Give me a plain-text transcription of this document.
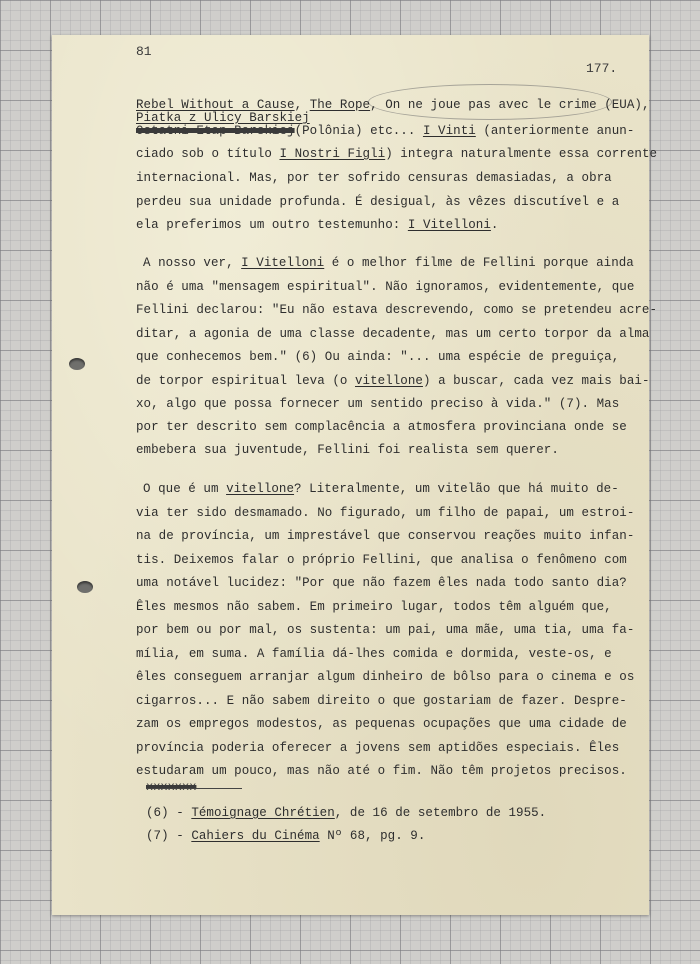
81
177.
Rebel Without a Cause, The Rope, On ne joue pas avec le crime (EUA),
Piatka z Ulicy Barskiej
Ostatni Etap Barskiej(Polônia) etc... I Vinti (anteriormente anun-
ciado sob o título I Nostri Figli) integra naturalmente essa corrente
internacional. Mas, por ter sofrido censuras demasiadas, a obra
perdeu sua unidade profunda. É desigual, às vêzes discutível e a
ela preferimos um outro testemunho: I Vitelloni.
A nosso ver, I Vitelloni é o melhor filme de Fellini porque ainda
não é uma "mensagem espiritual". Não ignoramos, evidentemente, que
Fellini declarou: "Eu não estava descrevendo, como se pretendeu acre-
ditar, a agonia de uma classe decadente, mas um certo torpor da alma
que conhecemos bem." (6) Ou ainda: "... uma espécie de preguiça,
de torpor espiritual leva (o vitellone) a buscar, cada vez mais bai-
xo, algo que possa fornecer um sentido preciso à vida." (7). Mas
por ter descrito sem complacência a atmosfera provinciana onde se
embebera sua juventude, Fellini foi realista sem querer.
O que é um vitellone? Literalmente, um vitelão que há muito de-
via ter sido desmamado. No figurado, um filho de papai, um estroi-
na de província, um imprestável que conservou reações muito infan-
tis. Deixemos falar o próprio Fellini, que analisa o fenômeno com
uma notável lucidez: "Por que não fazem êles nada todo santo dia?
Êles mesmos não sabem. Em primeiro lugar, todos têm alguém que,
por bem ou por mal, os sustenta: um pai, uma mãe, uma tia, uma fa-
mília, em suma. A família dá-lhes comida e dormida, veste-os, e
êles conseguem arranjar algum dinheiro de bôlso para o cinema e os
cigarros... E não sabem direito o que gostariam de fazer. Despre-
zam os empregos modestos, as pequenas ocupações que uma cidade de
província poderia oferecer a jovens sem aptidões especiais. Êles
estudaram um pouco, mas não até o fim. Não têm projetos precisos.
xxxxxxx
(6) - Témoignage Chrétien, de 16 de setembro de 1955.
(7) - Cahiers du Cinéma Nº 68, pg. 9.
